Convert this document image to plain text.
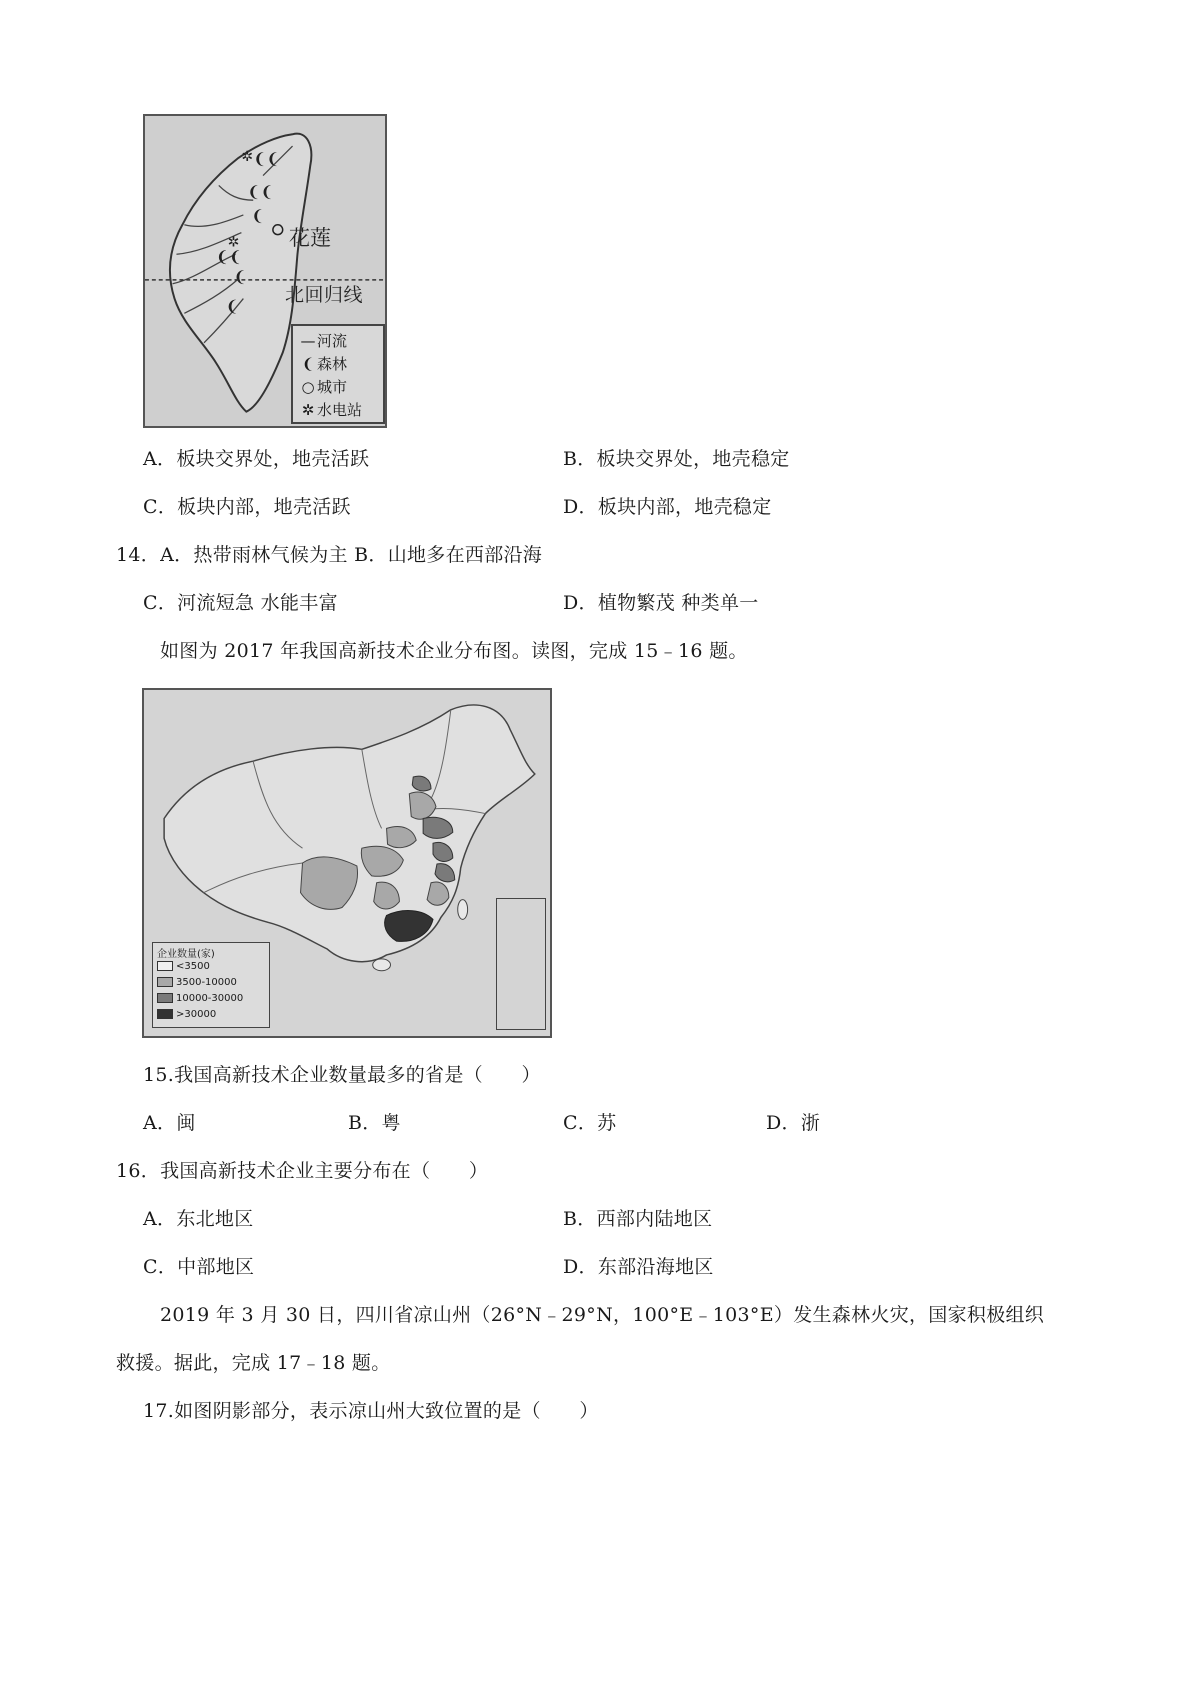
❨❨
❨❨
❨
❨❨
❨
❨
✲
✲ 花莲
北回归线
— 河流
❨ 森林
○ 城市
✲ 水电站
A．板块交界处，地壳活跃	B．板块交界处，地壳稳定
C．板块内部，地壳活跃	D．板块内部，地壳稳定
14．A．热带雨林气候为主 B．山地多在西部沿海
C．河流短急 水能丰富	D．植物繁茂 种类单一
如图为 2017 年我国高新技术企业分布图。读图，完成 15﹣16 题。
企业数量(家)
<3500
3500-10000
10000-30000
>30000
15.我国高新技术企业数量最多的省是（　　）
A．闽	B．粤	C．苏	D．浙
16．我国高新技术企业主要分布在（　　）
A．东北地区	B．西部内陆地区
C．中部地区	D．东部沿海地区
2019 年 3 月 30 日，四川省凉山州（26°N﹣29°N，100°E﹣103°E）发生森林火灾，国家积极组织
救援。据此，完成 17﹣18 题。
17.如图阴影部分，表示凉山州大致位置的是（　　）
